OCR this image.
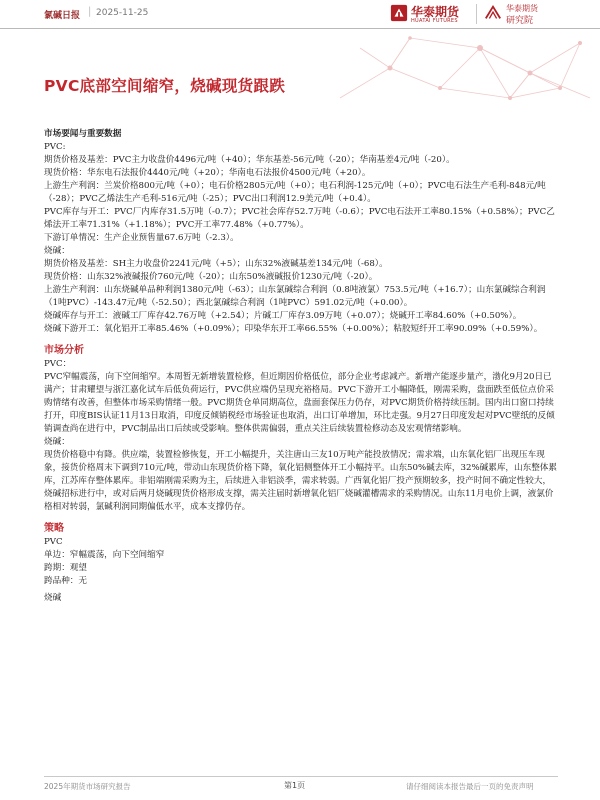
氯碱日报 | 2025-11-25	华泰期货
HUATAI FUTURES
华泰期货
研究院
PVC底部空间缩窄，烧碱现货跟跌

市场要闻与重要数据

PVC:

期货价格及基差：PVC主力收盘价4496元/吨（+40）；华东基差-56元/吨（-20）；华南基差4元/吨（-20）。

现货价格：华东电石法报价4440元/吨（+20）；华南电石法报价4500元/吨（+20）。

上游生产利润：兰炭价格800元/吨（+0）；电石价格2805元/吨（+0）；电石利润-125元/吨（+0）；PVC电石法生产毛利-848元/吨（-28）；PVC乙烯法生产毛利-516元/吨（-25）；PVC出口利润12.9美元/吨（+0.4）。

PVC库存与开工：PVC厂内库存31.5万吨（-0.7）；PVC社会库存52.7万吨（-0.6）；PVC电石法开工率80.15%（+0.58%）；PVC乙烯法开工率71.31%（+1.18%）；PVC开工率77.48%（+0.77%）。

下游订单情况：生产企业预售量67.6万吨（-2.3）。

烧碱：

期货价格及基差：SH主力收盘价2241元/吨（+5）；山东32%液碱基差134元/吨（-68）。

现货价格：山东32%液碱报价760元/吨（-20）；山东50%液碱报价1230元/吨（-20）。

上游生产利润：山东烧碱单品种利润1380元/吨（-63）；山东氯碱综合利润（0.8吨液氯）753.5元/吨（+16.7）；山东氯碱综合利润（1吨PVC）-143.47元/吨（-52.50）；西北氯碱综合利润（1吨PVC）591.02元/吨（+0.00）。

烧碱库存与开工：液碱工厂库存42.76万吨（+2.54）；片碱工厂库存3.09万吨（+0.07）；烧碱开工率84.60%（+0.50%）。

烧碱下游开工：氧化铝开工率85.46%（+0.09%）；印染华东开工率66.55%（+0.00%）；粘胶短纤开工率90.09%（+0.59%）。

市场分析

PVC：

PVC窄幅震荡，向下空间缩窄。本周暂无新增装置检修，但近期因价格低位，部分企业考虑减产。新增产能逐步量产，渤化9月20日已满产；甘肃耀望与浙江嘉化试车后低负荷运行，PVC供应端仍呈现充裕格局。PVC下游开工小幅降低，刚需采购，盘面跌至低位点价采购情绪有改善，但整体市场采购情绪一般。PVC期货仓单同期高位，盘面套保压力仍存，对PVC期货价格持续压制。国内出口窗口持续打开，印度BIS认证11月13日取消，印度反倾销税经市场验证也取消，出口订单增加，环比走强。9月27日印度发起对PVC壁纸的反倾销调查尚在进行中，PVC制品出口后续或受影响。整体供需偏弱，重点关注后续装置检修动态及宏观情绪影响。

烧碱：

现货价格稳中有降。供应端，装置检修恢复，开工小幅提升，关注唐山三友10万吨产能投放情况；需求端，山东氧化铝厂出现压车现象，接货价格周末下调到710元/吨，带动山东现货价格下降，氧化铝侧整体开工小幅持平。山东50%碱去库，32%碱累库，山东整体累库，江苏库存整体累库。非铝端刚需采购为主，后续进入非铝淡季，需求转弱。广西氧化铝厂投产预期较多，投产时间不确定性较大，烧碱招标进行中，或对后两月烧碱现货价格形成支撑，需关注届时新增氧化铝厂烧碱灌槽需求的采购情况。山东11月电价上调，液氯价格相对转弱，氯碱利润同期偏低水平，成本支撑仍存。

策略

PVC

单边：窄幅震荡，向下空间缩窄

跨期：观望

跨品种：无

烧碱

2025年期货市场研究报告	第1页	请仔细阅读本报告最后一页的免责声明
